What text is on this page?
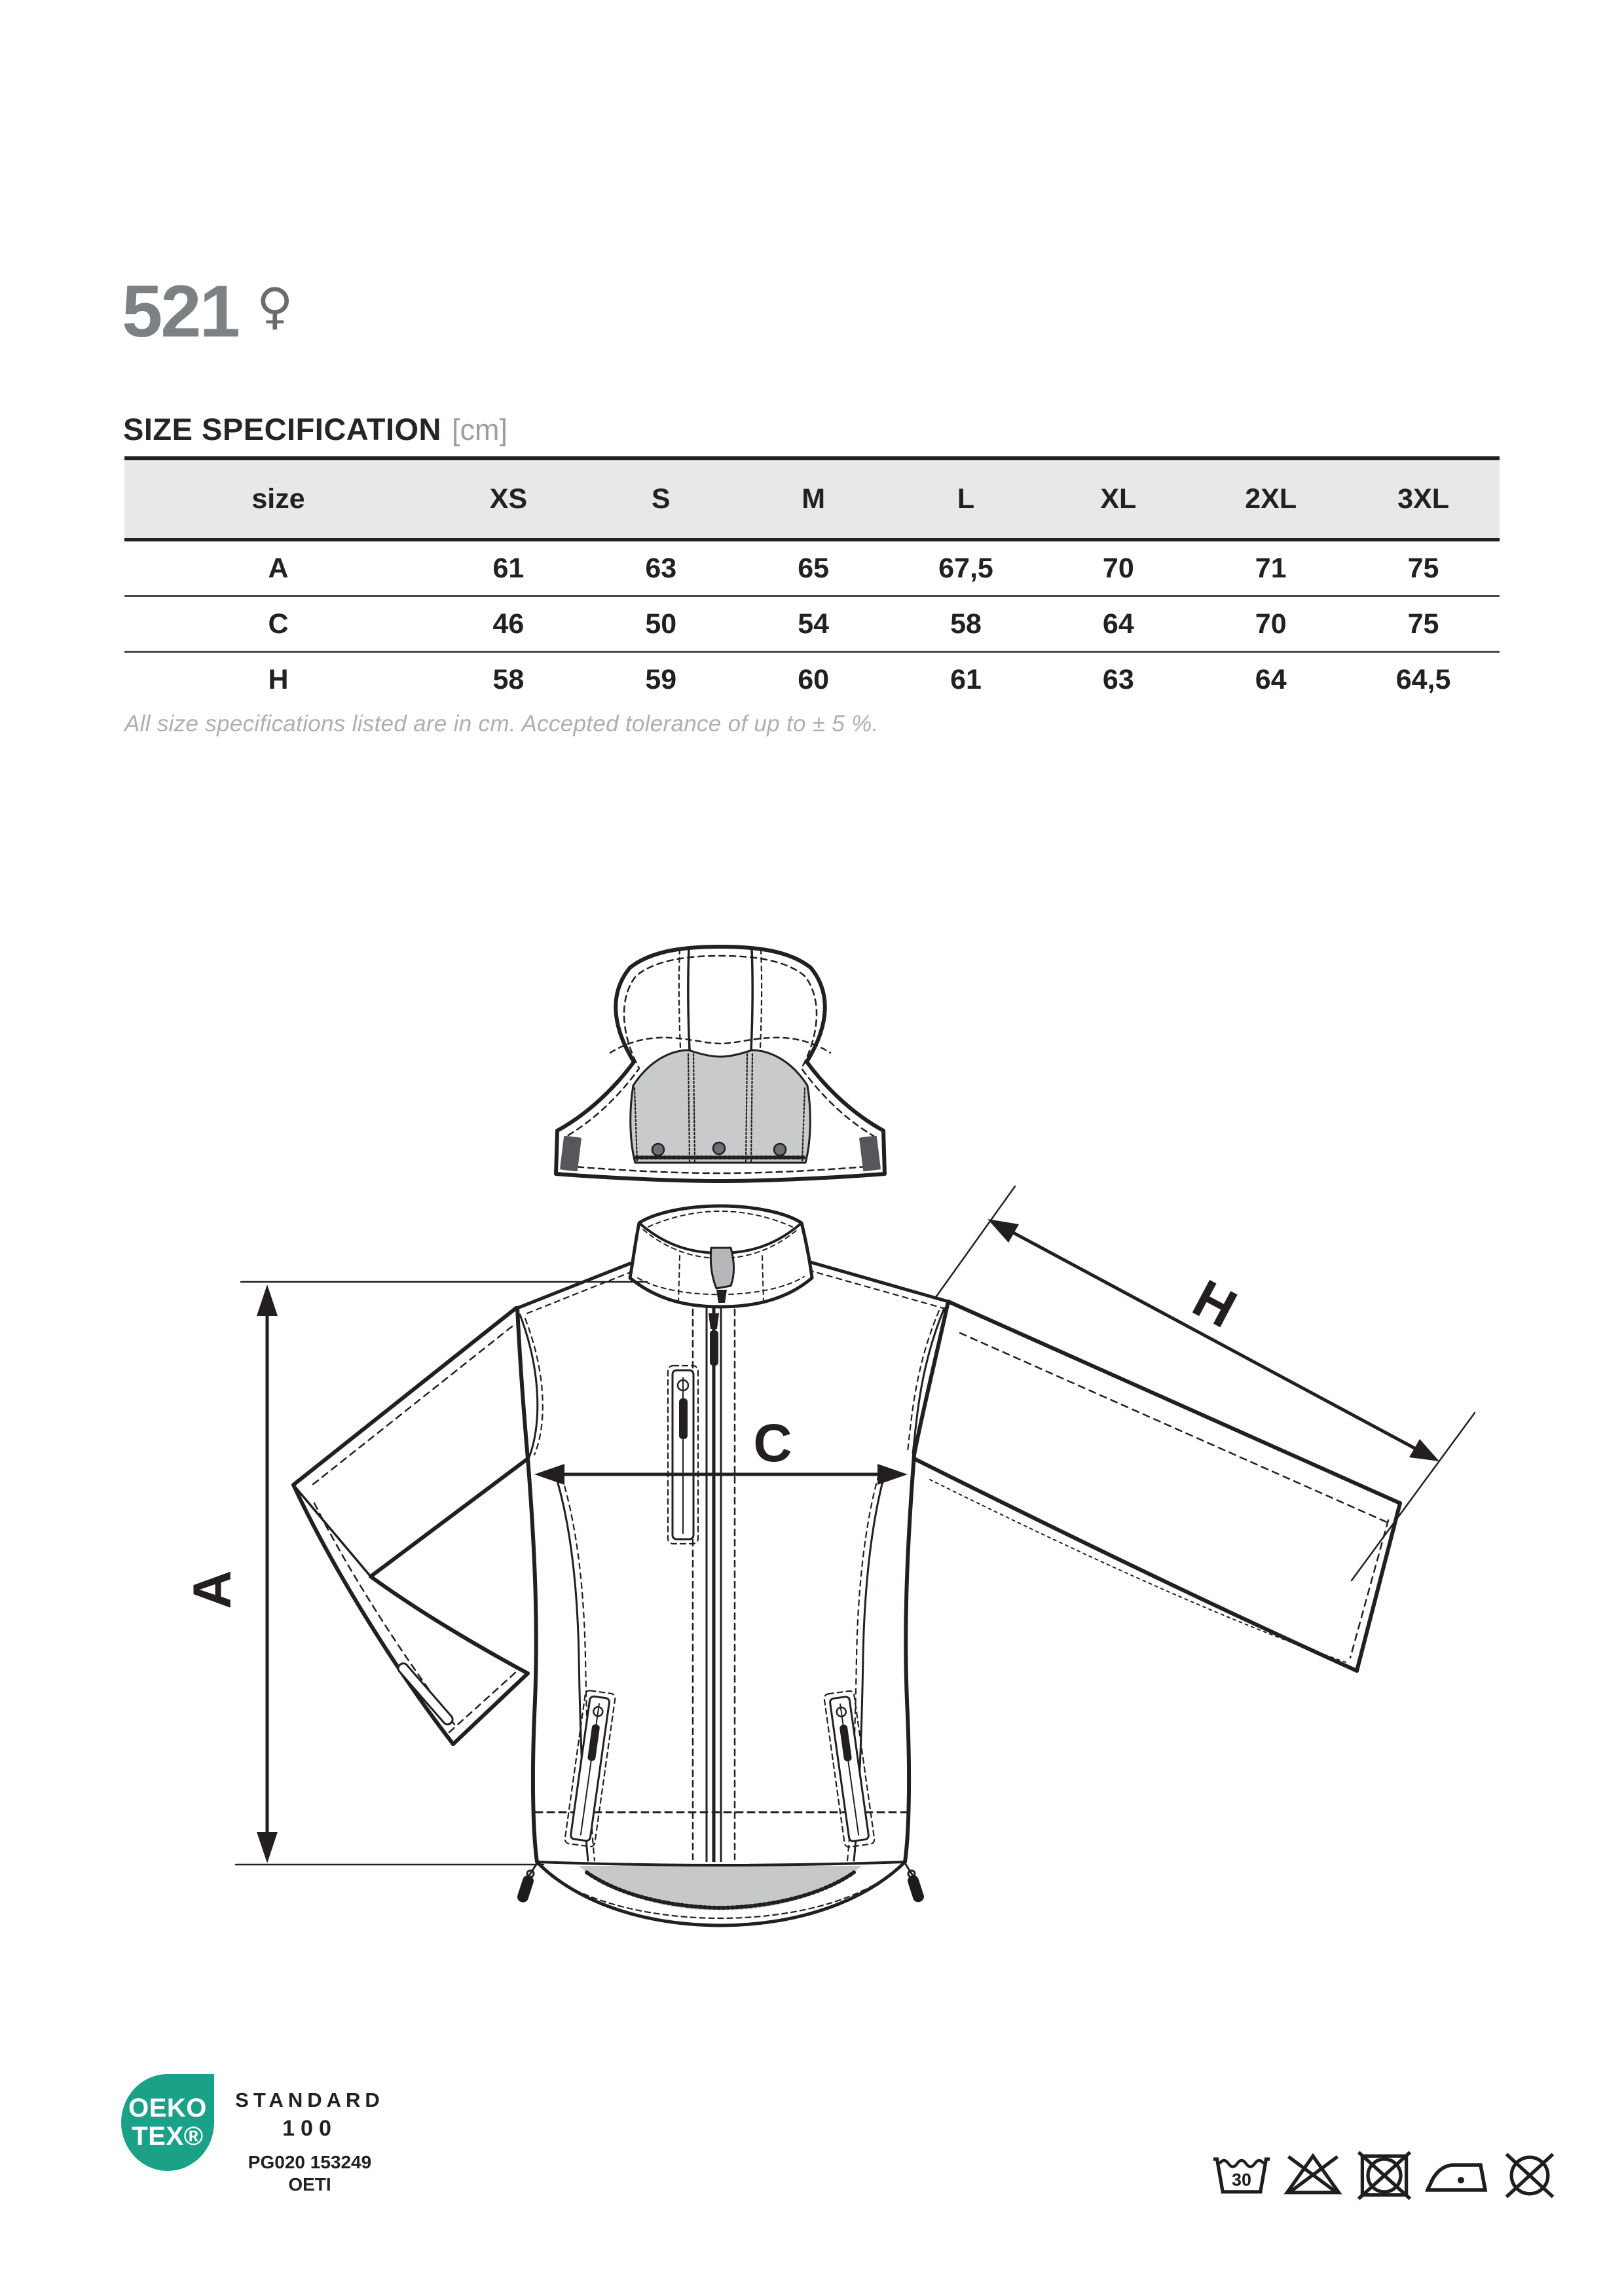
521 ♀
SIZE SPECIFICATION [cm]
size	XS	S	M	L	XL	2XL	3XL
A	61	63	65	67,5	70	71	75
C	46	50	54	58	64	70	75
H	58	59	60	61	63	64	64,5
All size specifications listed are in cm. Accepted tolerance of up to ± 5 %.
A
C
H
OEKO
TEX®
STANDARD
100
PG020 153249
OETI	30
